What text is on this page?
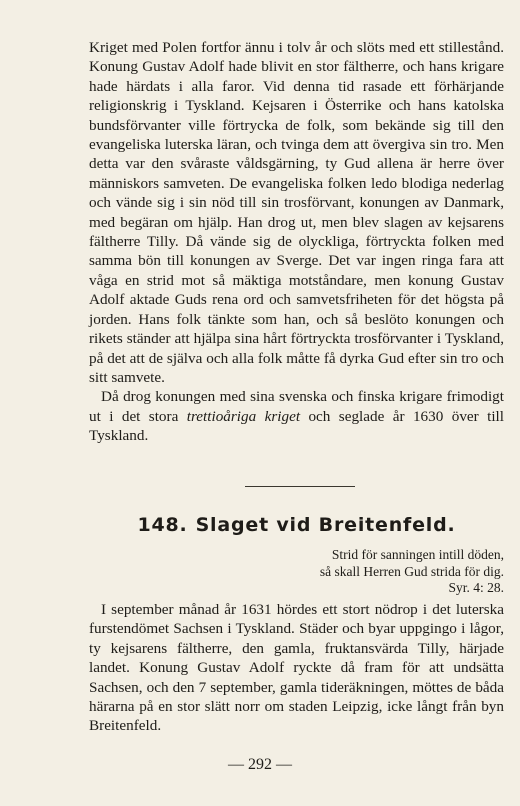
Kriget med Polen fortfor ännu i tolv år och slöts med ett stillestånd. Konung Gustav Adolf hade blivit en stor fältherre, och hans krigare hade härdats i alla faror. Vid denna tid rasade ett förhärjande religionskrig i Tyskland. Kejsaren i Österrike och hans katolska bundsförvanter ville förtrycka de folk, som bekände sig till den evangeliska luterska läran, och tvinga dem att övergiva sin tro. Men detta var den svåraste våldsgärning, ty Gud allena är herre över människors samveten. De evangeliska folken ledo blodiga nederlag och vände sig i sin nöd till sin trosförvant, konungen av Danmark, med begäran om hjälp. Han drog ut, men blev slagen av kejsarens fältherre Tilly. Då vände sig de olyckliga, förtryckta folken med samma bön till konungen av Sverge. Det var ingen ringa fara att våga en strid mot så mäktiga motståndare, men konung Gustav Adolf aktade Guds rena ord och samvetsfriheten för det högsta på jorden. Hans folk tänkte som han, och så beslöto konungen och rikets ständer att hjälpa sina hårt förtryckta trosförvanter i Tyskland, på det att de själva och alla folk måtte få dyrka Gud efter sin tro och sitt samvete.

Då drog konungen med sina svenska och finska krigare frimodigt ut i det stora trettioåriga kriget och seglade år 1630 över till Tyskland.

148. Slaget vid Breitenfeld.
Strid för sanningen intill döden,
så skall Herren Gud strida för dig.
Syr. 4: 28.

I september månad år 1631 hördes ett stort nödrop i det luterska furstendömet Sachsen i Tyskland. Städer och byar uppgingo i lågor, ty kejsarens fältherre, den gamla, fruktansvärda Tilly, härjade landet. Konung Gustav Adolf ryckte då fram för att undsätta Sachsen, och den 7 september, gamla tideräkningen, möttes de båda härarna på en stor slätt norr om staden Leipzig, icke långt från byn Breitenfeld.

— 292 —
